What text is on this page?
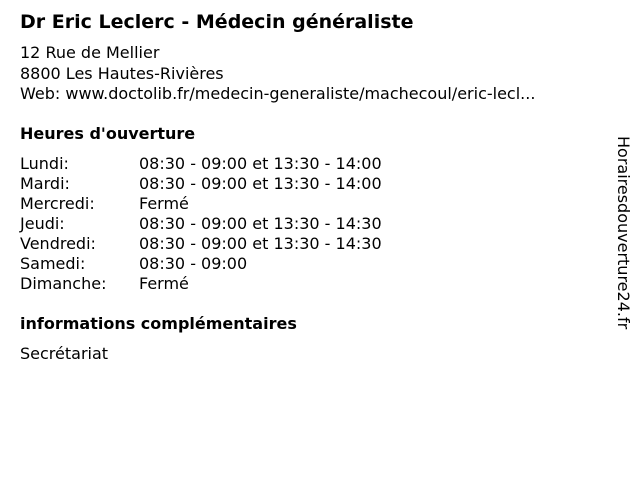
Dr Eric Leclerc - Médecin généraliste
12 Rue de Mellier
8800 Les Hautes-Rivières
Web: www.doctolib.fr/medecin-generaliste/machecoul/eric-lecl...
Heures d'ouverture
Lundi:	08:30 - 09:00 et 13:30 - 14:00
Mardi:	08:30 - 09:00 et 13:30 - 14:00
Mercredi:	Fermé
Jeudi:	08:30 - 09:00 et 13:30 - 14:30
Vendredi:	08:30 - 09:00 et 13:30 - 14:30
Samedi:	08:30 - 09:00
Dimanche:	Fermé
informations complémentaires
Secrétariat
Horairesdouverture24.fr
